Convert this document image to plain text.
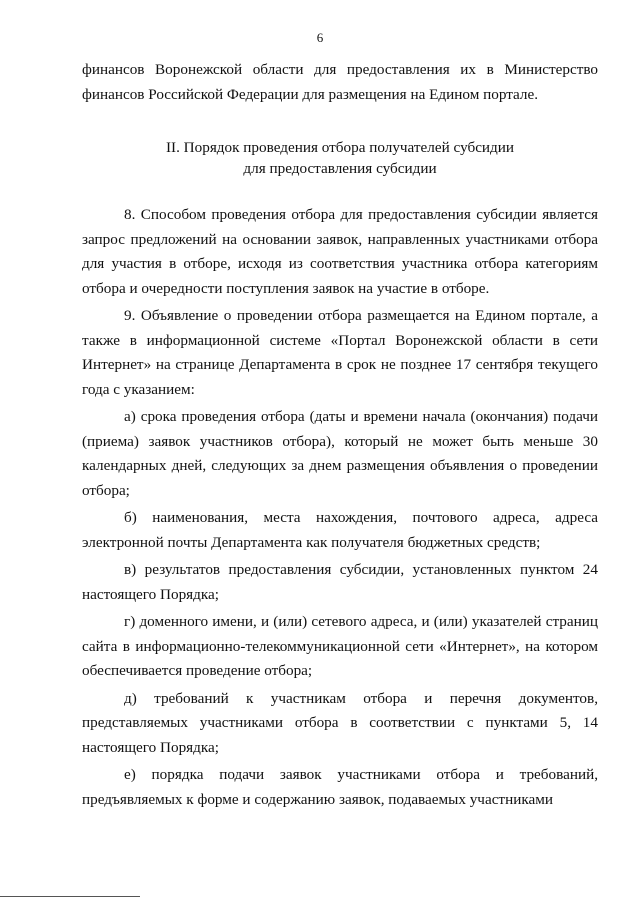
6

финансов Воронежской области для предоставления их в Министерство финансов Российской Федерации для размещения на Едином портале.

II. Порядок проведения отбора получателей субсидии
для предоставления субсидии

8. Способом проведения отбора для предоставления субсидии является запрос предложений на основании заявок, направленных участниками отбора для участия в отборе, исходя из соответствия участника отбора категориям отбора и очередности поступления заявок на участие в отборе.

9. Объявление о проведении отбора размещается на Едином портале, а также в информационной системе «Портал Воронежской области в сети Интернет» на странице Департамента в срок не позднее 17 сентября текущего года с указанием:

а) срока проведения отбора (даты и времени начала (окончания) подачи (приема) заявок участников отбора), который не может быть меньше 30 календарных дней, следующих за днем размещения объявления о проведении отбора;

б) наименования, места нахождения, почтового адреса, адреса электронной почты Департамента как получателя бюджетных средств;

в) результатов предоставления субсидии, установленных пунктом 24 настоящего Порядка;

г) доменного имени, и (или) сетевого адреса, и (или) указателей страниц сайта в информационно-телекоммуникационной сети «Интернет», на котором обеспечивается проведение отбора;

д) требований к участникам отбора и перечня документов, представляемых участниками отбора в соответствии с пунктами 5, 14 настоящего Порядка;

е) порядка подачи заявок участниками отбора и требований, предъявляемых к форме и содержанию заявок, подаваемых участниками
